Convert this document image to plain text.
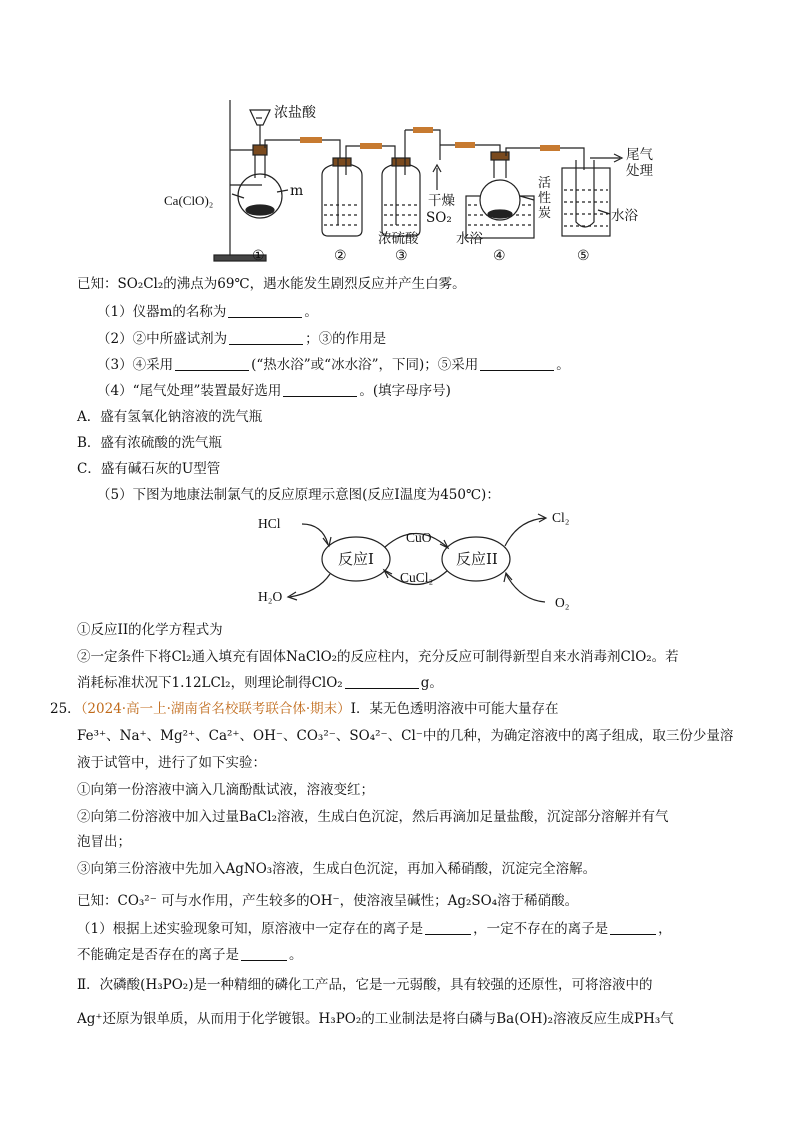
浓盐酸
Ca(ClO)₂
m
浓硫酸
干燥
SO₂
活性炭
水浴
水浴
尾气
处理
①	②	③	④	⑤
已知：SO₂Cl₂的沸点为69℃，遇水能发生剧烈反应并产生白雾。
（1）仪器m的名称为	。
（2）②中所盛试剂为	；③的作用是
（3）④采用	(“热水浴”或“冰水浴”，下同)；⑤采用	。
（4）“尾气处理”装置最好选用	。(填字母序号)
A．盛有氢氧化钠溶液的洗气瓶
B．盛有浓硫酸的洗气瓶
C．盛有碱石灰的U型管
（5）下图为地康法制氯气的反应原理示意图(反应I温度为450℃)：
HCl
H₂O
反应I	反应II
CuO
CuCl₂
Cl₂
O₂
①反应II的化学方程式为
②一定条件下将Cl₂通入填充有固体NaClO₂的反应柱内，充分反应可制得新型自来水消毒剂ClO₂。若
消耗标准状况下1.12LCl₂，则理论制得ClO₂	g。
25．（2024·高一上·湖南省名校联考联合体·期末）Ⅰ．某无色透明溶液中可能大量存在
Fe³⁺、Na⁺、Mg²⁺、Ca²⁺、OH⁻、CO₃²⁻、SO₄²⁻、Cl⁻中的几种，为确定溶液中的离子组成，取三份少量溶
液于试管中，进行了如下实验：
①向第一份溶液中滴入几滴酚酞试液，溶液变红；
②向第二份溶液中加入过量BaCl₂溶液，生成白色沉淀，然后再滴加足量盐酸，沉淀部分溶解并有气
泡冒出；
③向第三份溶液中先加入AgNO₃溶液，生成白色沉淀，再加入稀硝酸，沉淀完全溶解。
已知：CO₃²⁻ 可与水作用，产生较多的OH⁻，使溶液呈碱性；Ag₂SO₄溶于稀硝酸。
（1）根据上述实验现象可知，原溶液中一定存在的离子是	，一定不存在的离子是	，
不能确定是否存在的离子是	。
Ⅱ．次磷酸(H₃PO₂)是一种精细的磷化工产品，它是一元弱酸，具有较强的还原性，可将溶液中的
Ag⁺还原为银单质，从而用于化学镀银。H₃PO₂的工业制法是将白磷与Ba(OH)₂溶液反应生成PH₃气
